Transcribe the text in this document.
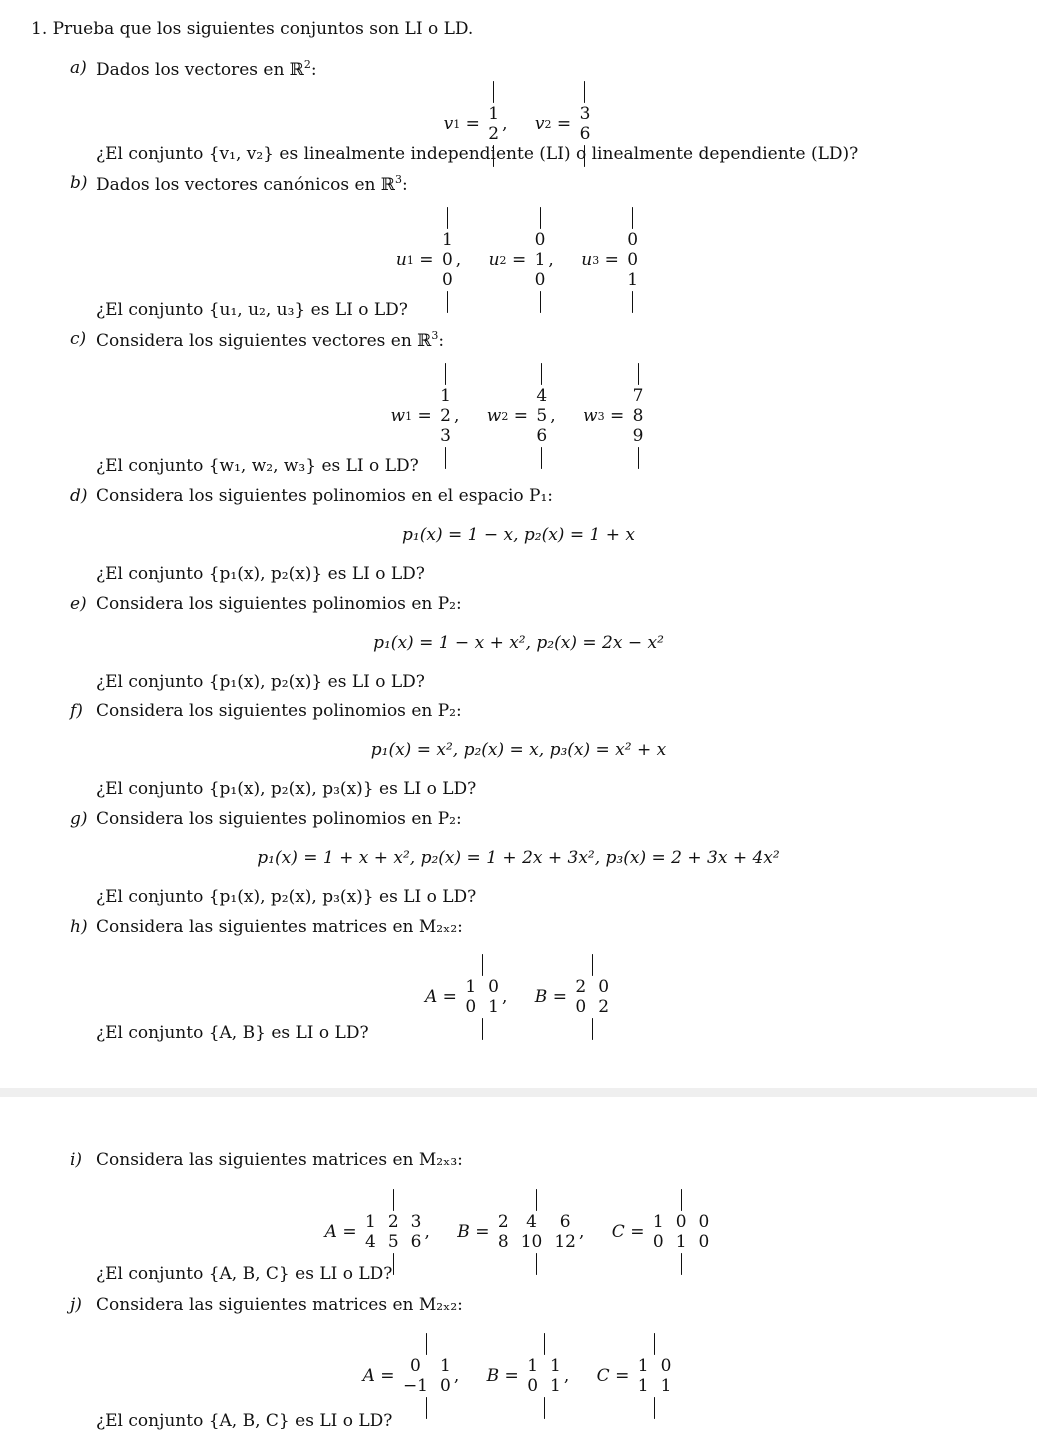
1. Prueba que los siguientes conjuntos son LI o LD.
a) Dados los vectores en ℝ$^2$:
v1 = 1
2 , v2 = 3
6
¿El conjunto {v₁, v₂} es linealmente independiente (LI) o linealmente dependiente (LD)?
b) Dados los vectores canónicos en ℝ$^3$:
u1 =
1
0
0
, u2 =
0
1
0
, u3 =
0
0
1
¿El conjunto {u₁, u₂, u₃} es LI o LD?
c) Considera los siguientes vectores en ℝ$^3$:
w1 =
1
2
3
, w2 =
4
5
6
, w3 =
7
8
9
¿El conjunto {w₁, w₂, w₃} es LI o LD?
d) Considera los siguientes polinomios en el espacio P₁:
p₁(x) = 1 − x, p₂(x) = 1 + x
¿El conjunto {p₁(x), p₂(x)} es LI o LD?
e) Considera los siguientes polinomios en P₂:
p₁(x) = 1 − x + x², p₂(x) = 2x − x²
¿El conjunto {p₁(x), p₂(x)} es LI o LD?
f) Considera los siguientes polinomios en P₂:
p₁(x) = x², p₂(x) = x, p₃(x) = x² + x
¿El conjunto {p₁(x), p₂(x), p₃(x)} es LI o LD?
g) Considera los siguientes polinomios en P₂:
p₁(x) = 1 + x + x², p₂(x) = 1 + 2x + 3x², p₃(x) = 2 + 3x + 4x²
¿El conjunto {p₁(x), p₂(x), p₃(x)} es LI o LD?
h) Considera las siguientes matrices en M₂ₓ₂:
A = 1 0
0 1 , B = 2 0
0 2
¿El conjunto {A, B} es LI o LD?
i) Considera las siguientes matrices en M₂ₓ₃:
A = 1 2 3
4 5 6 , B = 2	4	6
8 10 12 , C = 1 0 0
0 1 0
¿El conjunto {A, B, C} es LI o LD?
j) Considera las siguientes matrices en M₂ₓ₂:
A = 0	1
−1 0 , B = 1 1
0 1 , C = 1 0
1 1
¿El conjunto {A, B, C} es LI o LD?
